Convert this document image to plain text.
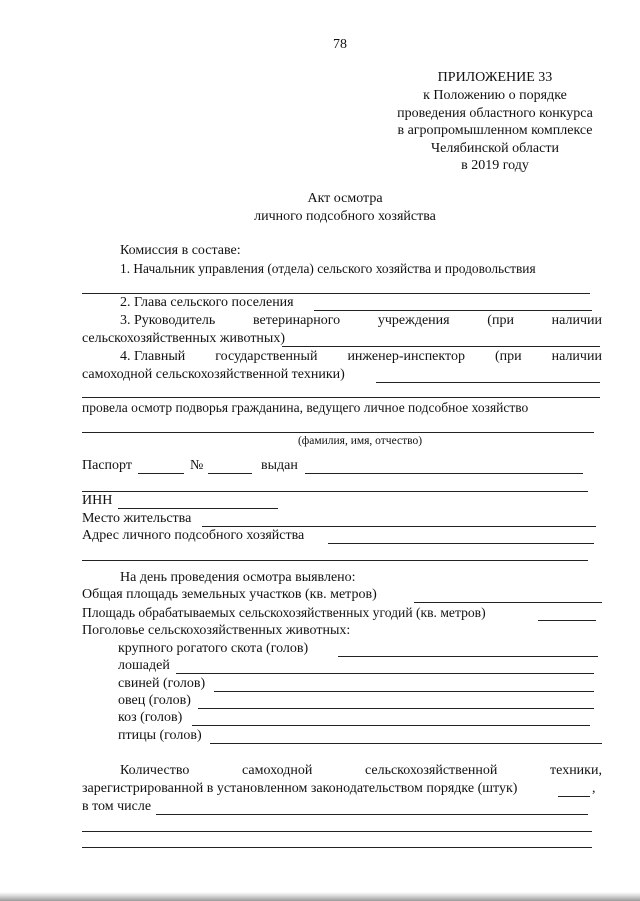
78
ПРИЛОЖЕНИЕ 33
к Положению о порядке
проведения областного конкурса
в агропромышленном комплексе
Челябинской области
в 2019 году
Акт осмотра
личного подсобного хозяйства
Комиссия в составе:
1. Начальник управления (отдела) сельского хозяйства и продовольствия
2. Глава сельского поселения
3. Руководитель	ветеринарного	учреждения	(при	наличии
сельскохозяйственных животных)
4. Главный государственный инженер-инспектор (при наличии
самоходной сельскохозяйственной техники)
провела осмотр подворья гражданина, ведущего личное подсобное хозяйство
(фамилия, имя, отчество)
Паспорт	№	выдан
ИНН
Место жительства
Адрес личного подсобного хозяйства
На день проведения осмотра выявлено:
Общая площадь земельных участков (кв. метров)
Площадь обрабатываемых сельскохозяйственных угодий (кв. метров)
Поголовье сельскохозяйственных животных:
крупного рогатого скота (голов)
лошадей
свиней (голов)
овец (голов)
коз (голов)
птицы (голов)
Количество	самоходной	сельскохозяйственной	техники,
зарегистрированной в установленном законодательством порядке (штук)	,
в том числе
